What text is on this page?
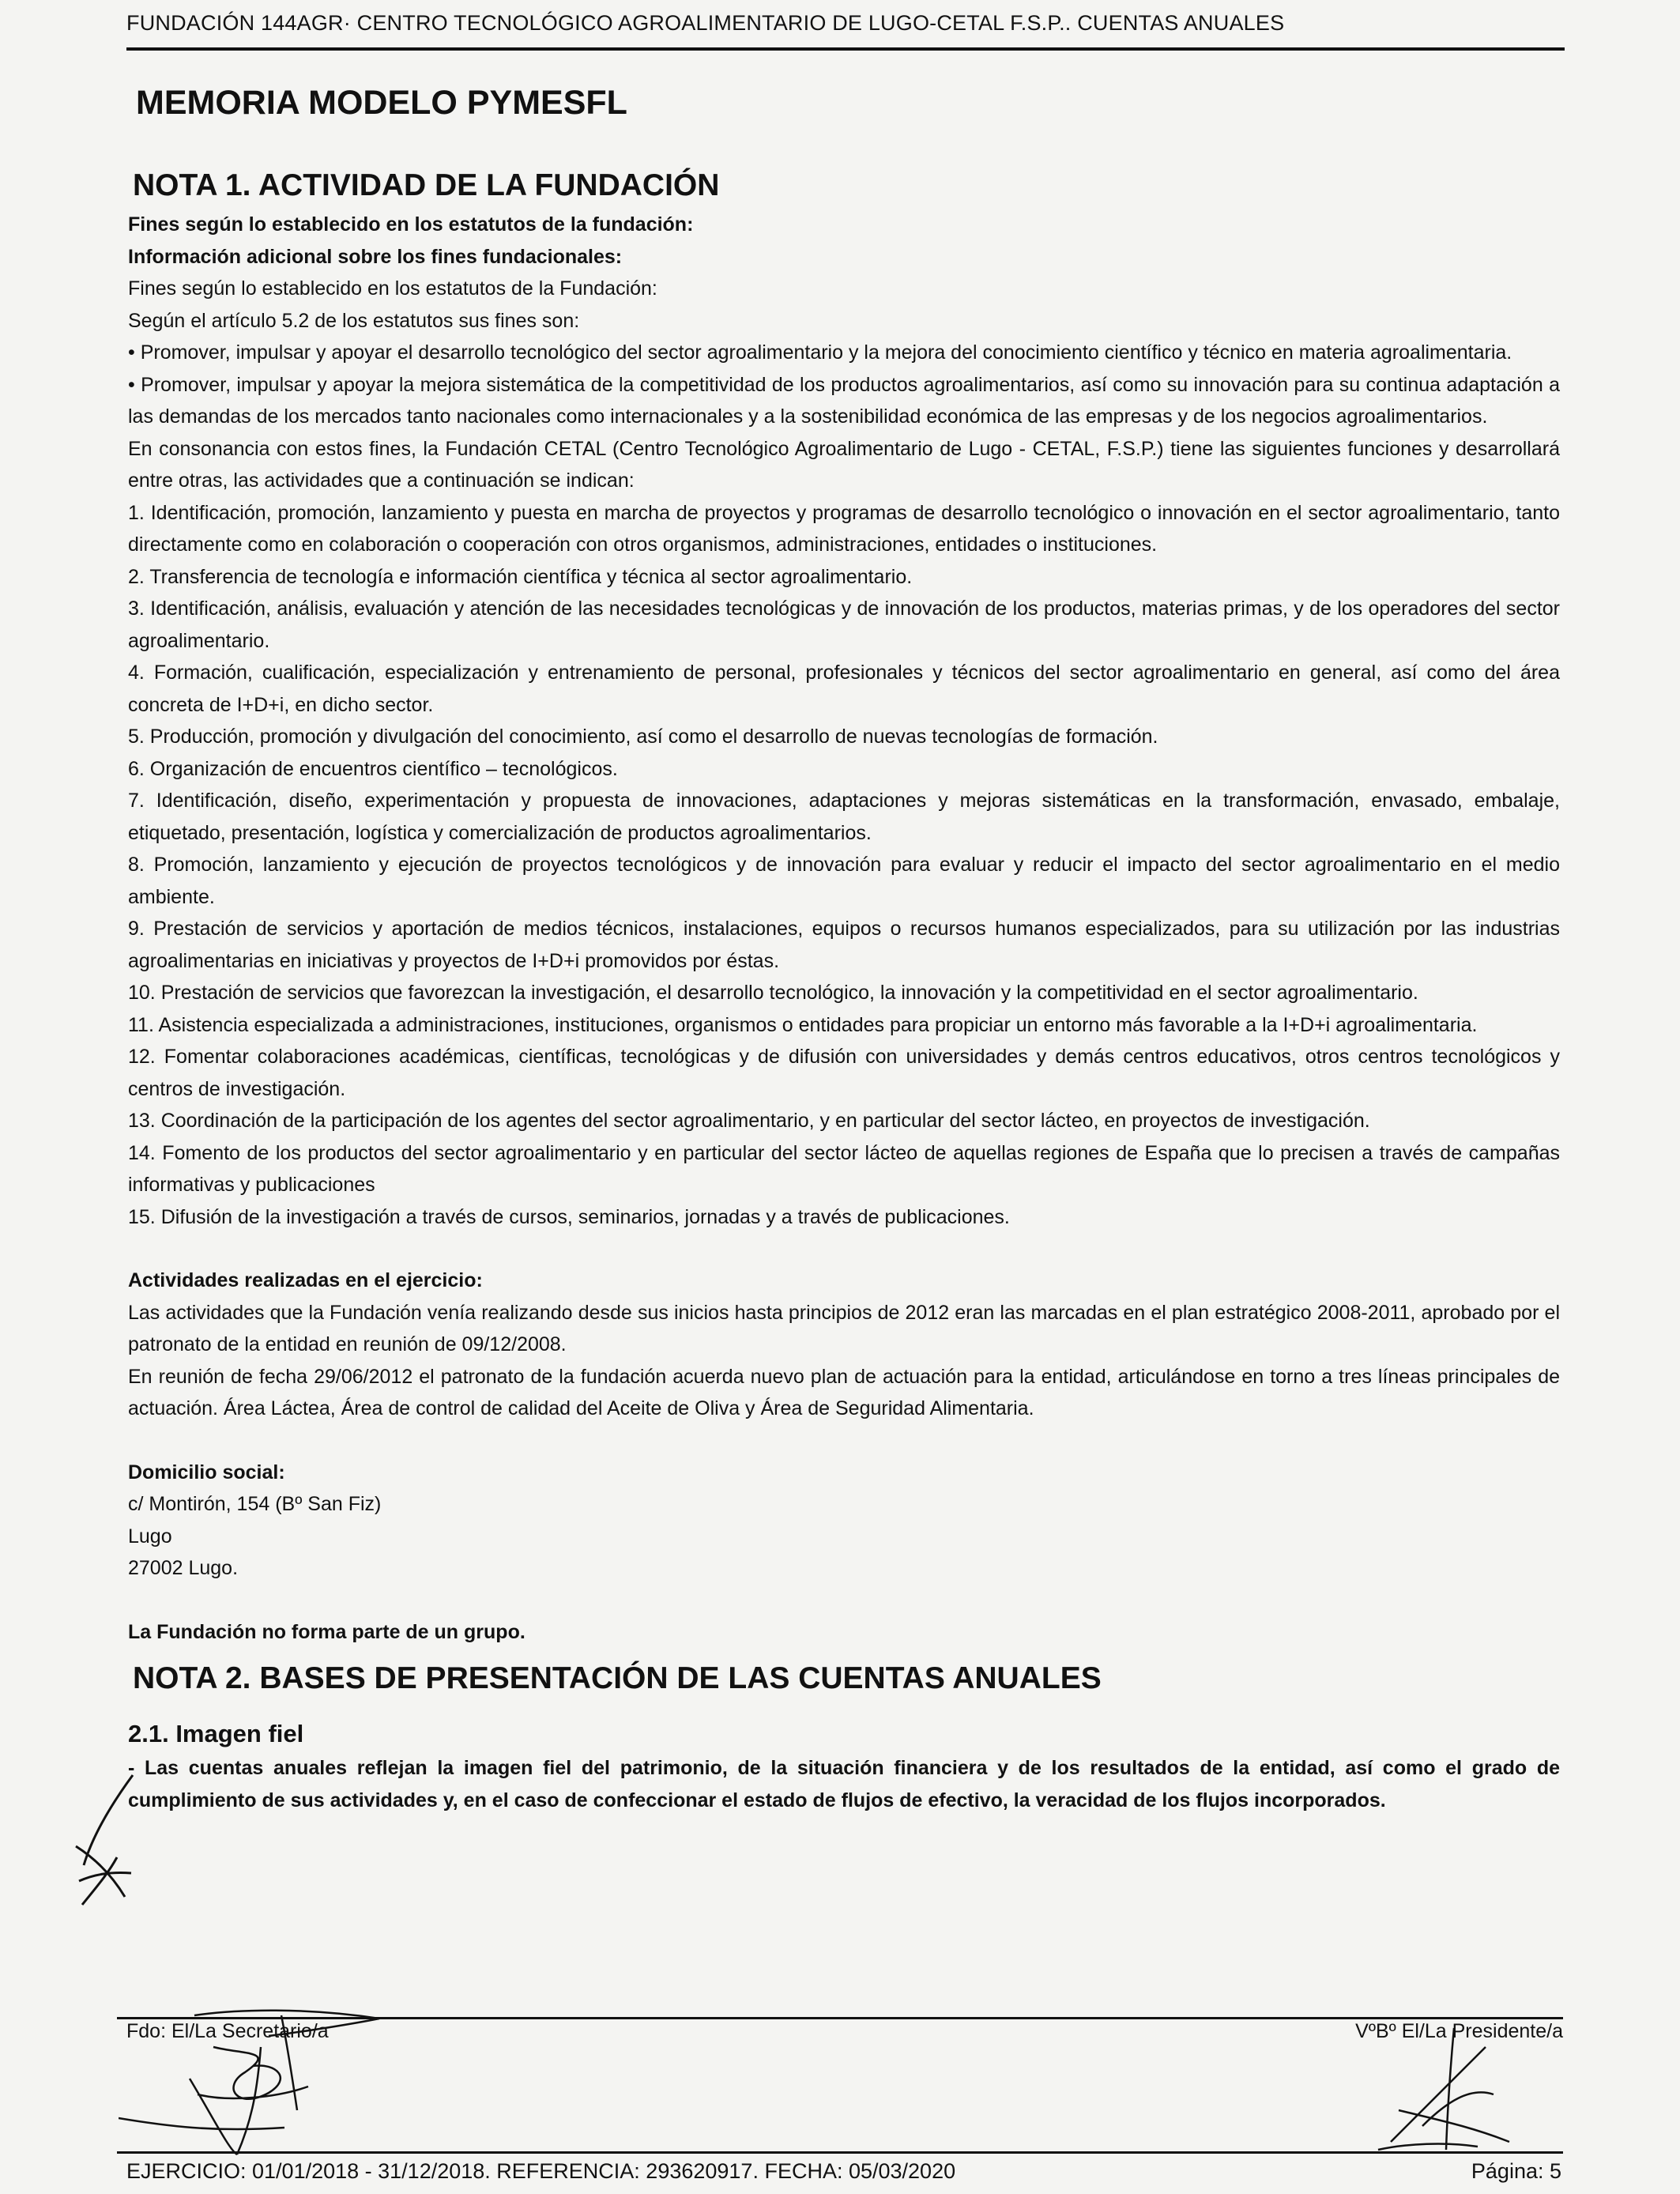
FUNDACIÓN 144AGR· CENTRO TECNOLÓGICO AGROALIMENTARIO DE LUGO-CETAL F.S.P.. CUENTAS ANUALES
MEMORIA MODELO PYMESFL
NOTA 1. ACTIVIDAD DE LA FUNDACIÓN

Fines según lo establecido en los estatutos de la fundación:

Información adicional sobre los fines fundacionales:

Fines según lo establecido en los estatutos de la Fundación:

Según el artículo 5.2 de los estatutos sus fines son:

• Promover, impulsar y apoyar el desarrollo tecnológico del sector agroalimentario y la mejora del conocimiento científico y técnico en materia agroalimentaria.

• Promover, impulsar y apoyar la mejora sistemática de la competitividad de los productos agroalimentarios, así como su innovación para su continua adaptación a las demandas de los mercados tanto nacionales como internacionales y a la sostenibilidad económica de las empresas y de los negocios agroalimentarios.

En consonancia con estos fines, la Fundación CETAL (Centro Tecnológico Agroalimentario de Lugo - CETAL, F.S.P.) tiene las siguientes funciones y desarrollará entre otras, las actividades que a continuación se indican:

1. Identificación, promoción, lanzamiento y puesta en marcha de proyectos y programas de desarrollo tecnológico o innovación en el sector agroalimentario, tanto directamente como en colaboración o cooperación con otros organismos, administraciones, entidades o instituciones.

2. Transferencia de tecnología e información científica y técnica al sector agroalimentario.

3. Identificación, análisis, evaluación y atención de las necesidades tecnológicas y de innovación de los productos, materias primas, y de los operadores del sector agroalimentario.

4. Formación, cualificación, especialización y entrenamiento de personal, profesionales y técnicos del sector agroalimentario en general, así como del área concreta de I+D+i, en dicho sector.

5. Producción, promoción y divulgación del conocimiento, así como el desarrollo de nuevas tecnologías de formación.

6. Organización de encuentros científico – tecnológicos.

7. Identificación, diseño, experimentación y propuesta de innovaciones, adaptaciones y mejoras sistemáticas en la transformación, envasado, embalaje, etiquetado, presentación, logística y comercialización de productos agroalimentarios.

8. Promoción, lanzamiento y ejecución de proyectos tecnológicos y de innovación para evaluar y reducir el impacto del sector agroalimentario en el medio ambiente.

9. Prestación de servicios y aportación de medios técnicos, instalaciones, equipos o recursos humanos especializados, para su utilización por las industrias agroalimentarias en iniciativas y proyectos de I+D+i promovidos por éstas.

10. Prestación de servicios que favorezcan la investigación, el desarrollo tecnológico, la innovación y la competitividad en el sector agroalimentario.

11. Asistencia especializada a administraciones, instituciones, organismos o entidades para propiciar un entorno más favorable a la I+D+i agroalimentaria.

12. Fomentar colaboraciones académicas, científicas, tecnológicas y de difusión con universidades y demás centros educativos, otros centros tecnológicos y centros de investigación.

13. Coordinación de la participación de los agentes del sector agroalimentario, y en particular del sector lácteo, en proyectos de investigación.

14. Fomento de los productos del sector agroalimentario y en particular del sector lácteo de aquellas regiones de España que lo precisen a través de campañas informativas y publicaciones

15. Difusión de la investigación a través de cursos, seminarios, jornadas y a través de publicaciones.

Actividades realizadas en el ejercicio:

Las actividades que la Fundación venía realizando desde sus inicios hasta principios de 2012 eran las marcadas en el plan estratégico 2008-2011, aprobado por el patronato de la entidad en reunión de 09/12/2008.

En reunión de fecha 29/06/2012 el patronato de la fundación acuerda nuevo plan de actuación para la entidad, articulándose en torno a tres líneas principales de actuación. Área Láctea, Área de control de calidad del Aceite de Oliva y Área de Seguridad Alimentaria.

Domicilio social:

c/ Montirón, 154 (Bº San Fiz)

Lugo

27002 Lugo.

La Fundación no forma parte de un grupo.

NOTA 2. BASES DE PRESENTACIÓN DE LAS CUENTAS ANUALES
2.1. Imagen fiel

- Las cuentas anuales reflejan la imagen fiel del patrimonio, de la situación financiera y de los resultados de la entidad, así como el grado de cumplimiento de sus actividades y, en el caso de confeccionar el estado de flujos de efectivo, la veracidad de los flujos incorporados.

Fdo: El/La Secretario/a	VºBº El/La Presidente/a
EJERCICIO: 01/01/2018 - 31/12/2018. REFERENCIA: 293620917. FECHA: 05/03/2020	Página: 5
